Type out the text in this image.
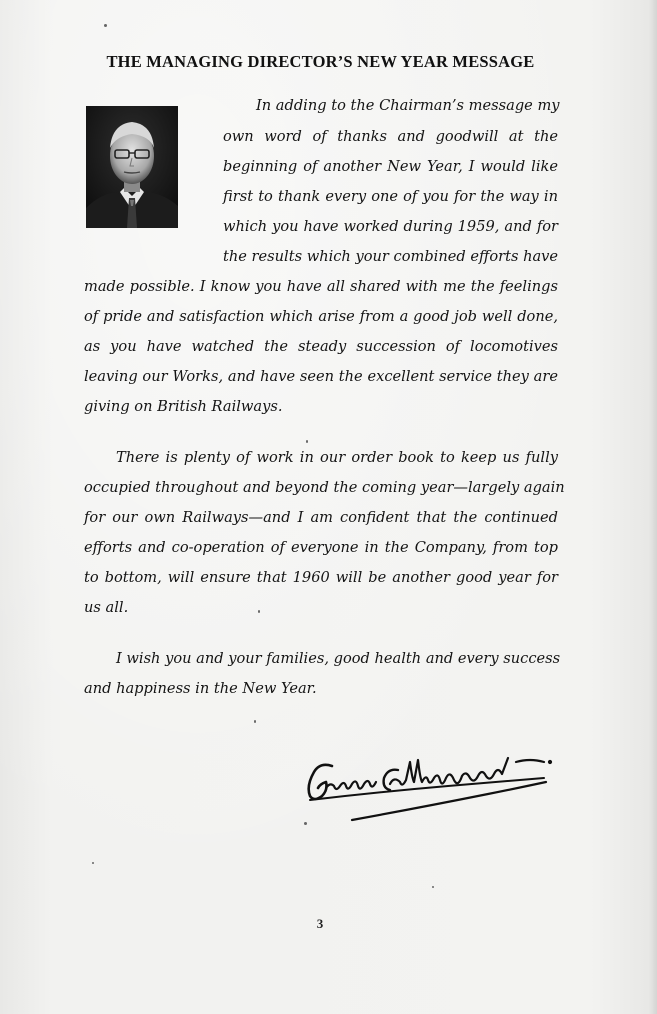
THE MANAGING DIRECTOR’S NEW YEAR MESSAGE
In adding to the Chairman’s message my
own word of thanks and goodwill at the
beginning of another New Year, I would like
first to thank every one of you for the way in
which you have worked during 1959, and for
the results which your combined efforts have
made possible. I know you have all shared with me the feelings
of pride and satisfaction which arise from a good job well done,
as you have watched the steady succession of locomotives
leaving our Works, and have seen the excellent service they are
giving on British Railways.
There is plenty of work in our order book to keep us fully
occupied throughout and beyond the coming year—largely again
for our own Railways—and I am confident that the continued
efforts and co-operation of everyone in the Company, from top
to bottom, will ensure that 1960 will be another good year for
us all.
I wish you and your families, good health and every success
and happiness in the New Year.
3
